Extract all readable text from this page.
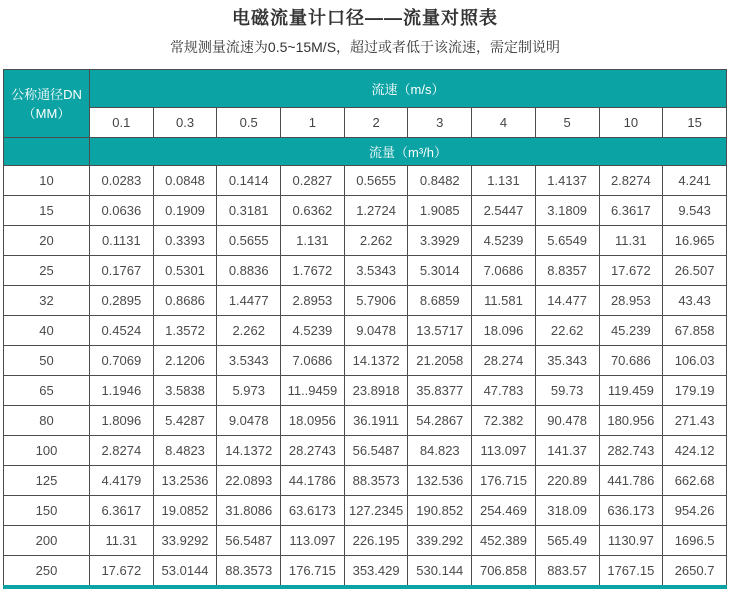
电磁流量计口径——流量对照表
常规测量流速为0.5~15M/S，超过或者低于该流速，需定制说明
公称通径DN
（MM）	流速（m/s）									
	0.1	0.3	0.5	1	2	3	4	5	10	15
	流量（m³/h）									
10	0.0283	0.0848	0.1414	0.2827	0.5655	0.8482	1.131	1.4137	2.8274	4.241
15	0.0636	0.1909	0.3181	0.6362	1.2724	1.9085	2.5447	3.1809	6.3617	9.543
20	0.1131	0.3393	0.5655	1.131	2.262	3.3929	4.5239	5.6549	11.31	16.965
25	0.1767	0.5301	0.8836	1.7672	3.5343	5.3014	7.0686	8.8357	17.672	26.507
32	0.2895	0.8686	1.4477	2.8953	5.7906	8.6859	11.581	14.477	28.953	43.43
40	0.4524	1.3572	2.262	4.5239	9.0478	13.5717	18.096	22.62	45.239	67.858
50	0.7069	2.1206	3.5343	7.0686	14.1372	21.2058	28.274	35.343	70.686	106.03
65	1.1946	3.5838	5.973	11..9459	23.8918	35.8377	47.783	59.73	119.459	179.19
80	1.8096	5.4287	9.0478	18.0956	36.1911	54.2867	72.382	90.478	180.956	271.43
100	2.8274	8.4823	14.1372	28.2743	56.5487	84.823	113.097	141.37	282.743	424.12
125	4.4179	13.2536	22.0893	44.1786	88.3573	132.536	176.715	220.89	441.786	662.68
150	6.3617	19.0852	31.8086	63.6173	127.2345	190.852	254.469	318.09	636.173	954.26
200	11.31	33.9292	56.5487	113.097	226.195	339.292	452.389	565.49	1130.97	1696.5
250	17.672	53.0144	88.3573	176.715	353.429	530.144	706.858	883.57	1767.15	2650.7
